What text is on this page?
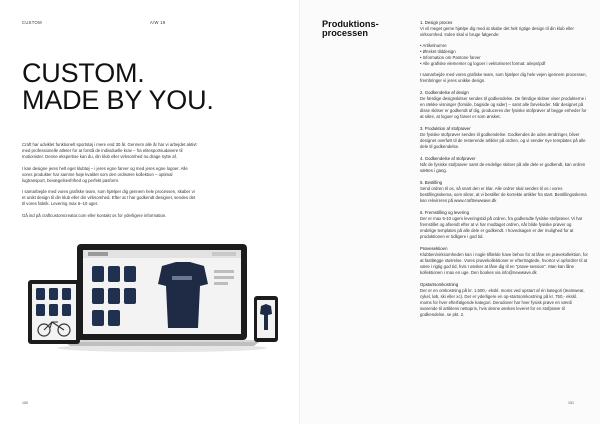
CUSTOM	A/W 19
CUSTOM.
MADE BY YOU.

Craft har udviklet funktionelt sportstøj i mere end 30 år. Gennem alle år har vi arbejdet aktivt med professionelle atleter for at forstå de individuelle krav – fra elitesportsudøvere til motionister. Denne ekspertise kan du, din klub eller virksomhed nu drage nytte af.

I kan designe jeres helt eget klubtøj – i jeres egne farver og med jeres egne logoer. Alle vores produkter har samme høje kvalitet som den ordinære kollektion – optimal lugtransport, bevægelsesfrihed og perfekt pasform.

I samarbejde med vores grafiske team, som hjælper dig gennem hele processen, skaber vi et unikt design til din klub eller din virksomhed. Efter at I har godkendt designet, sendes det til vores fabrik. Levering max 6–10 uger.

Gå ind på craftcustomcreator.com eller kontakt os for yderligere information.

150
Produktions-
processen
1. Design proces

Vi vil meget gerne hjælpe dig med at skabe det helt rigtige design til din klub eller virksomhed. Inden skal vi bruge følgende:

• Artikelnumre
• Ønsket tilddesign
• Information om Pantone farver
• Alle grafiske elementer og logoer i vektoriseret format: ai/eps/pdf

I samarbejde med vores grafiske team, som hjælper dig hele vejen igennem processen, frembringer vi jeres unikke design.

2. Godkendelse af design

De færdige designskitser sendes til godkendelse. De færdige skitser viser produkterne i en række visninger (forside, bagside og sider) – samt alle farvekoder. Når designet på disse skitser er godkendt af dig, produceres der fysiske stofprøver af begge enheder for at sikre, at logoer og farver er som ønsket.

3. Produktion af stofprøver

De fysiske stofprøver sendes til godkendelse. Godkendes de uden ændringer, bliver designet overført til de resterende artikler på ordren, og vi sender nye templates på alle dele til godkendelse.

4. Godkendelse af stofprøver

Når de fysiske stofprøver samt de endelige skitser på alle dele er godkendt, kan ordren sættes i gang.

5. Bestilling

Send ordren til os, så snart den er klar. Alle ordrer skal sendes til os i vores bestillingsskema, som sikrer, at vi bestiller de korrekte artikler fra start. Bestillingsskema kan rekvireres på www.craftnewwave.dk

6. Fremstilling og levering

Der er max 6-10 ugers leveringstid på ordren, fra godkendte fysiske stofprøver. Vi har fremstillet og afsendt efter at vi har modtaget ordren, når blide fysiske prøver og endelige templates på alle dele er godkendt. I hovedsagen er der mulighed for at produktionen er tidligere i god tid.

Prøvesektioen

Klubben/virksomheden kan i nogle tilfælde have behov for at låne en prøvekollektion, for at fastlægge størrelse. Vores prøvekollektioner er eftertragtede, hvortor vi opfordrer til at være i rigtig god tid, hvis I ønsker at låne dig til en "prøve-session". Man kan låne kollektionen i max en uge. Den bookes via info@newwave.dk

Opstartsomkostning

Der er en omkostning på kr. 1.500,- ekskl. moms ved opstart af én kategori (teamwear, cykel, løb, ski eller xc). Der er yderligere en op-startsomkostning på kr. 750,- ekskl. moms for hver efterfølgende kategori. Derudover har hver fysisk prøve en værdi svarende til artiklens nettopris, hvis denne ønskes leveret for en stofprøve til godkendelse, se pkt. 2.

151
